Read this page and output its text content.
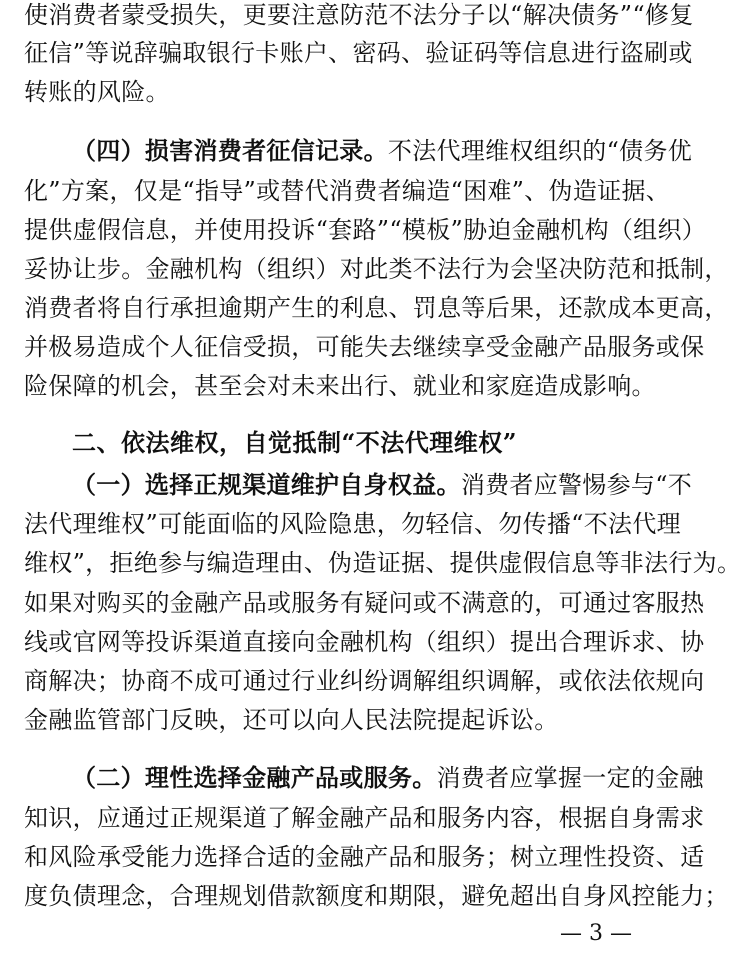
使消费者蒙受损失，更要注意防范不法分子以“解决债务”“修复
征信”等说辞骗取银行卡账户、密码、验证码等信息进行盗刷或
转账的风险。
（四）损害消费者征信记录。不法代理维权组织的“债务优
化”方案，仅是“指导”或替代消费者编造“困难”、伪造证据、
提供虚假信息，并使用投诉“套路”“模板”胁迫金融机构（组织）
妥协让步。金融机构（组织）对此类不法行为会坚决防范和抵制，
消费者将自行承担逾期产生的利息、罚息等后果，还款成本更高，
并极易造成个人征信受损，可能失去继续享受金融产品服务或保
险保障的机会，甚至会对未来出行、就业和家庭造成影响。
二、依法维权，自觉抵制“不法代理维权”
（一）选择正规渠道维护自身权益。消费者应警惕参与“不
法代理维权”可能面临的风险隐患，勿轻信、勿传播“不法代理
维权”，拒绝参与编造理由、伪造证据、提供虚假信息等非法行为。
如果对购买的金融产品或服务有疑问或不满意的，可通过客服热
线或官网等投诉渠道直接向金融机构（组织）提出合理诉求、协
商解决；协商不成可通过行业纠纷调解组织调解，或依法依规向
金融监管部门反映，还可以向人民法院提起诉讼。
（二）理性选择金融产品或服务。消费者应掌握一定的金融
知识，应通过正规渠道了解金融产品和服务内容，根据自身需求
和风险承受能力选择合适的金融产品和服务；树立理性投资、适
度负债理念，合理规划借款额度和期限，避免超出自身风控能力；
— 3 —
